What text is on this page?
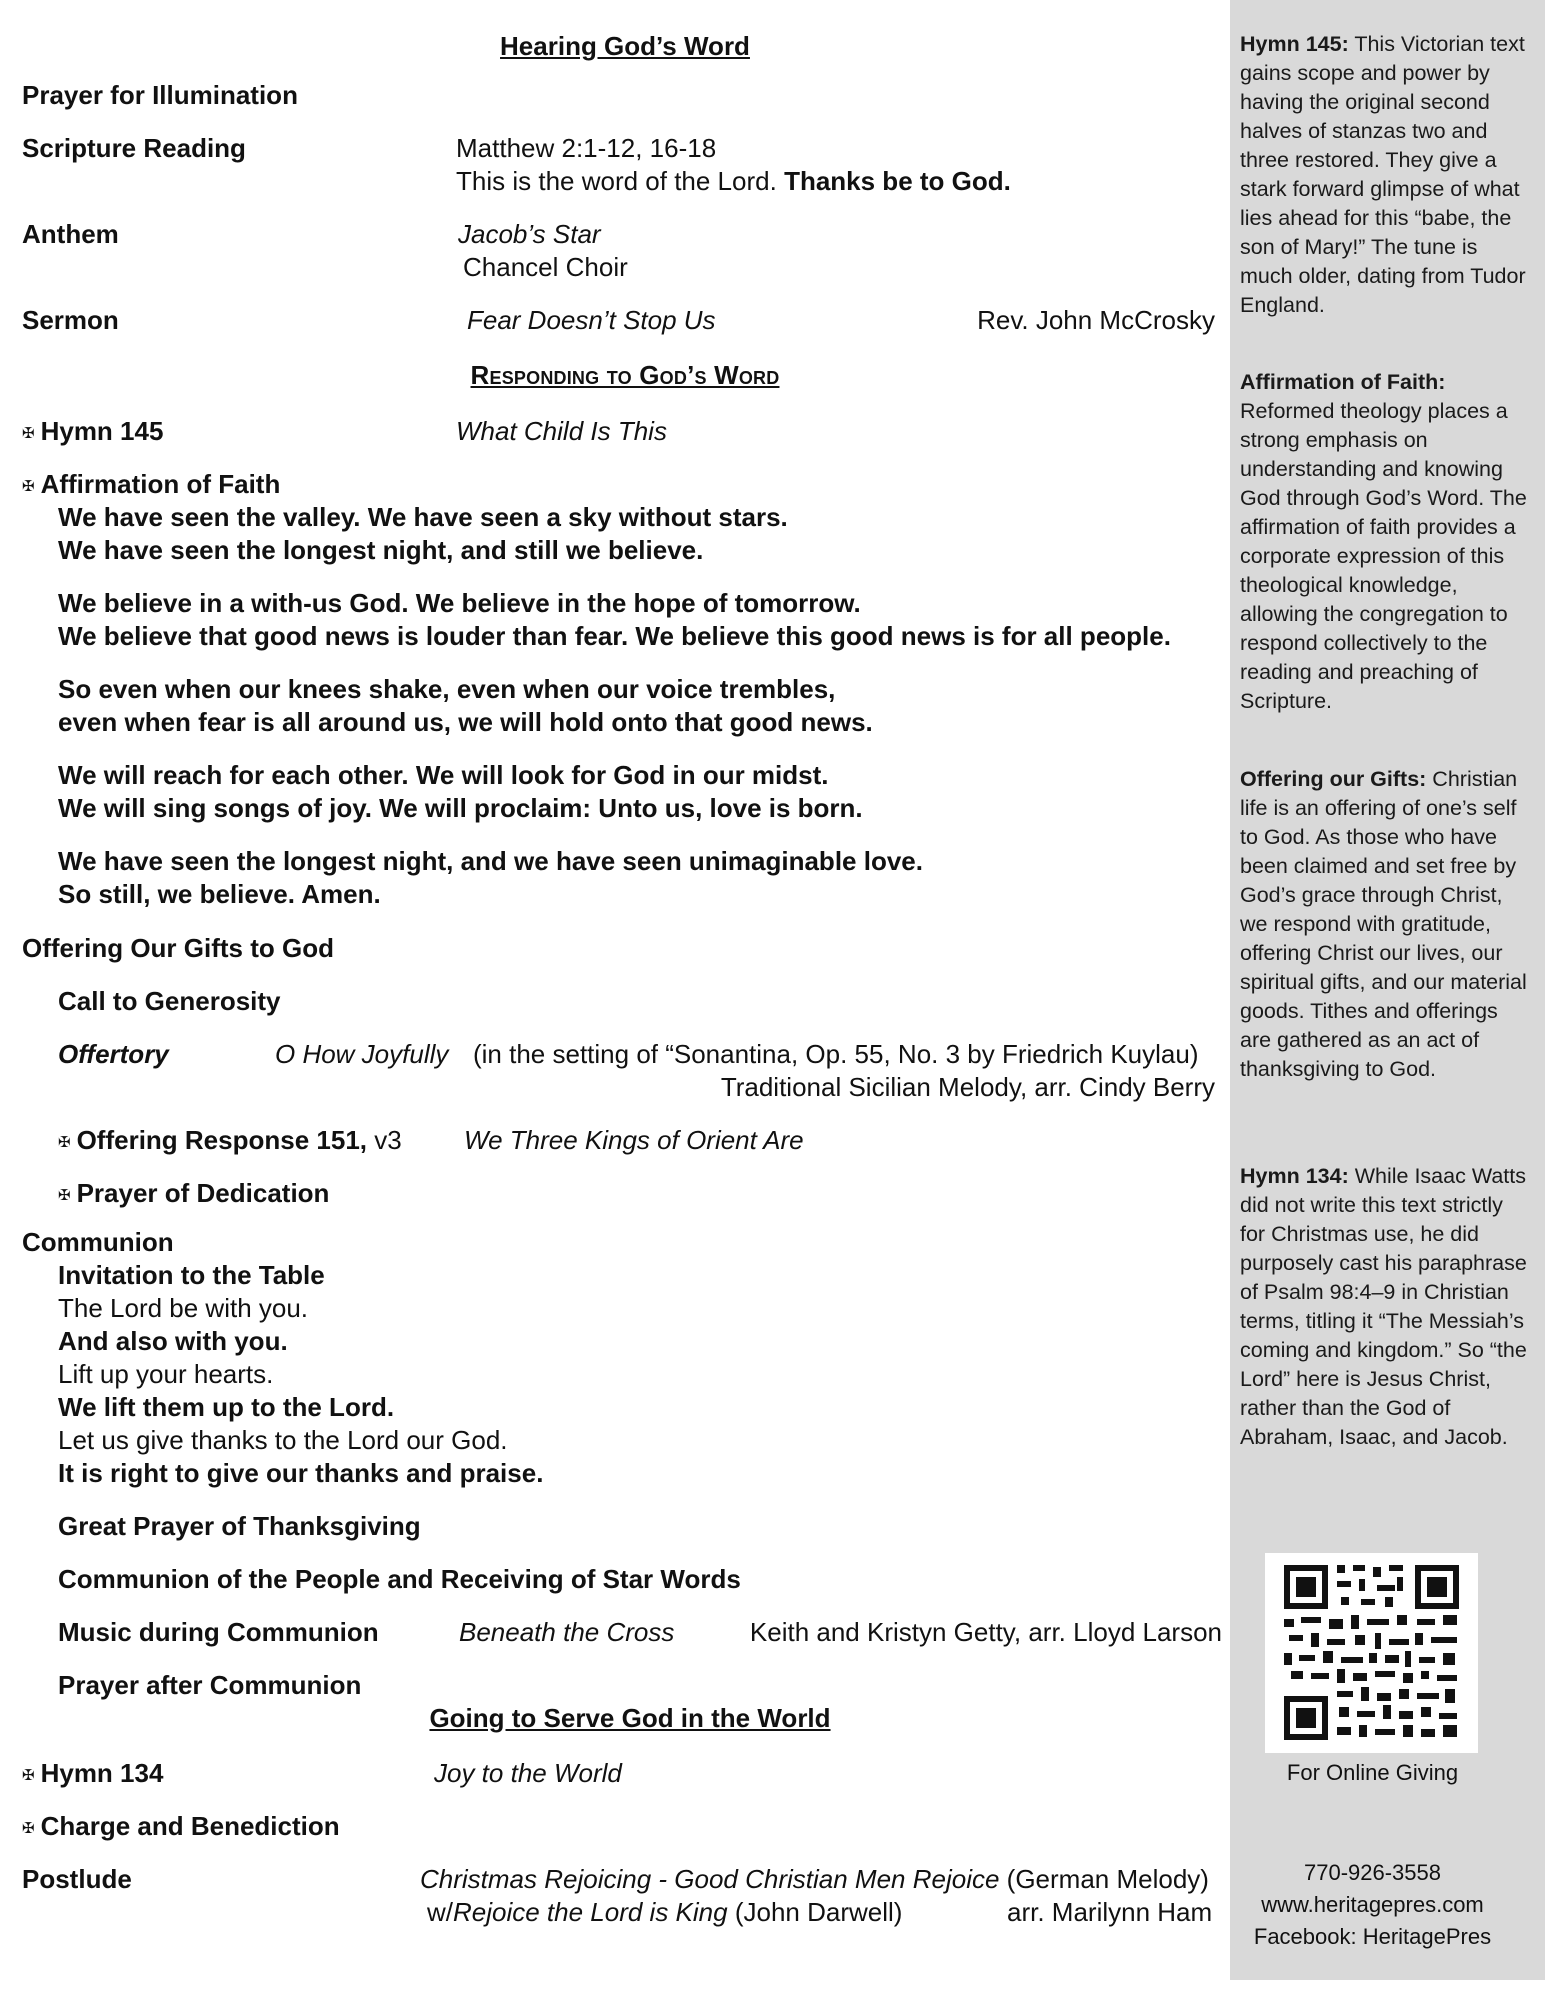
Hearing God’s Word
Prayer for Illumination
Scripture Reading	Matthew 2:1-12, 16-18
This is the word of the Lord. Thanks be to God.
Anthem	Jacob’s Star
Chancel Choir
Sermon	Fear Doesn’t Stop Us	Rev. John McCrosky
Responding to God’s Word
✠ Hymn 145	What Child Is This
✠ Affirmation of Faith
We have seen the valley. We have seen a sky without stars.
We have seen the longest night, and still we believe.
We believe in a with-us God. We believe in the hope of tomorrow.
We believe that good news is louder than fear. We believe this good news is for all people.
So even when our knees shake, even when our voice trembles,
even when fear is all around us, we will hold onto that good news.
We will reach for each other. We will look for God in our midst.
We will sing songs of joy. We will proclaim: Unto us, love is born.
We have seen the longest night, and we have seen unimaginable love.
So still, we believe. Amen.
Offering Our Gifts to God
Call to Generosity
Offertory	O How Joyfully (in the setting of “Sonantina, Op. 55, No. 3 by Friedrich Kuylau)
Traditional Sicilian Melody, arr. Cindy Berry
✠ Offering Response 151, v3 We Three Kings of Orient Are
✠ Prayer of Dedication
Communion
Invitation to the Table
The Lord be with you.
And also with you.
Lift up your hearts.
We lift them up to the Lord.
Let us give thanks to the Lord our God.
It is right to give our thanks and praise.
Great Prayer of Thanksgiving
Communion of the People and Receiving of Star Words
Music during Communion	Beneath the Cross	Keith and Kristyn Getty, arr. Lloyd Larson
Prayer after Communion
Going to Serve God in the World
✠ Hymn 134	Joy to the World
✠ Charge and Benediction
Postlude	Christmas Rejoicing - Good Christian Men Rejoice (German Melody)
w/Rejoice the Lord is King (John Darwell)	arr. Marilynn Ham
Hymn 145: This Victorian text gains scope and power by having the original second halves of stanzas two and three restored. They give a stark forward glimpse of what lies ahead for this “babe, the son of Mary!” The tune is much older, dating from Tudor England.
Affirmation of Faith: Reformed theology places a strong emphasis on understanding and knowing God through God’s Word. The affirmation of faith provides a corporate expression of this theological knowledge, allowing the congregation to respond collectively to the reading and preaching of Scripture.
Offering our Gifts: Christian life is an offering of one’s self to God. As those who have been claimed and set free by God’s grace through Christ, we respond with gratitude, offering Christ our lives, our spiritual gifts, and our material goods. Tithes and offerings are gathered as an act of thanksgiving to God.
Hymn 134: While Isaac Watts did not write this text strictly for Christmas use, he did purposely cast his paraphrase of Psalm 98:4–9 in Christian terms, titling it “The Messiah’s coming and kingdom.” So “the Lord” here is Jesus Christ, rather than the God of Abraham, Isaac, and Jacob.
For Online Giving
770-926-3558
www.heritagepres.com
Facebook: HeritagePres
